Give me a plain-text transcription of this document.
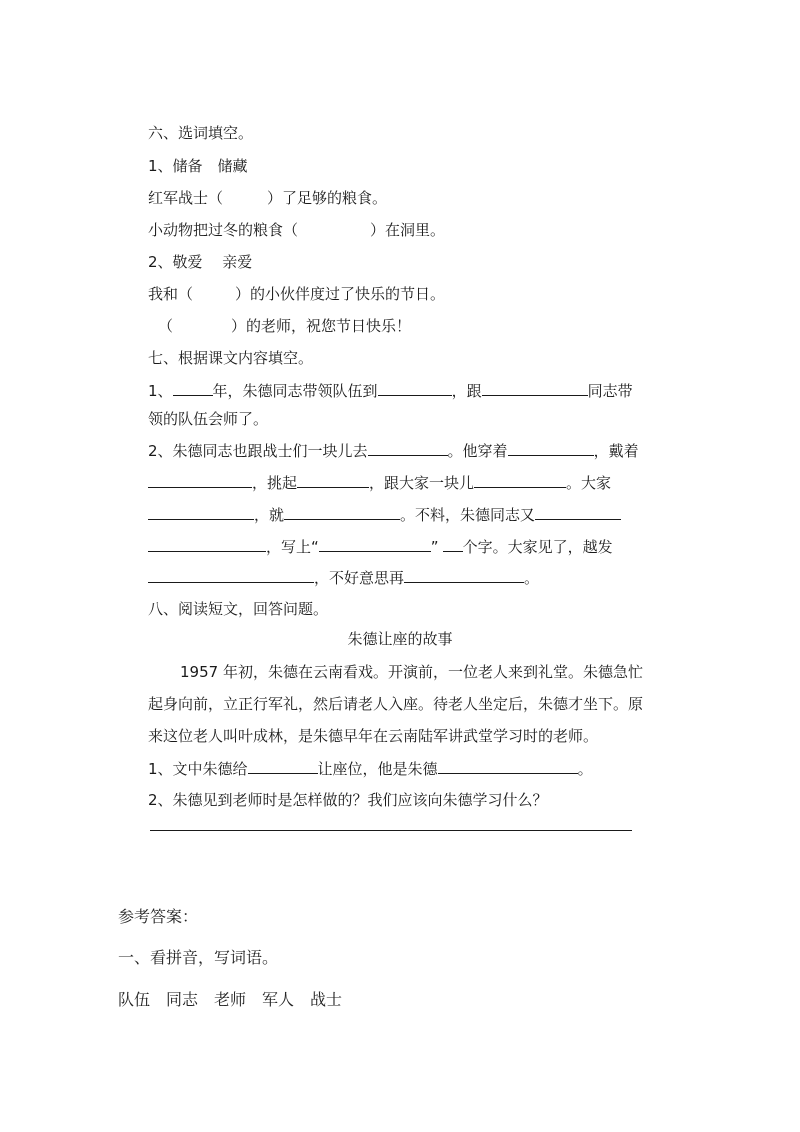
六、选词填空。
1、储备　储藏
红军战士（	）了足够的粮食。
小动物把过冬的粮食（	）在洞里。
2、敬爱　 亲爱
我和（	）的小伙伴度过了快乐的节日。
（	）的老师，祝您节日快乐！
七、根据课文内容填空。
1、	年，朱德同志带领队伍到	，跟	同志带
领的队伍会师了。
2、朱德同志也跟战士们一块儿去	。他穿着	，戴着
，挑起	，跟大家一块儿	。大家
，就	。不料，朱德同志又
，写上“	” 个字。大家见了，越发
，不好意思再	。
八、阅读短文，回答问题。
朱德让座的故事
1957 年初，朱德在云南看戏。开演前，一位老人来到礼堂。朱德急忙
起身向前，立正行军礼，然后请老人入座。待老人坐定后，朱德才坐下。原
来这位老人叫叶成林，是朱德早年在云南陆军讲武堂学习时的老师。
1、文中朱德给	让座位，他是朱德	。
2、朱德见到老师时是怎样做的？我们应该向朱德学习什么？
参考答案：
一、看拼音，写词语。
队伍　同志　老师　军人　战士
